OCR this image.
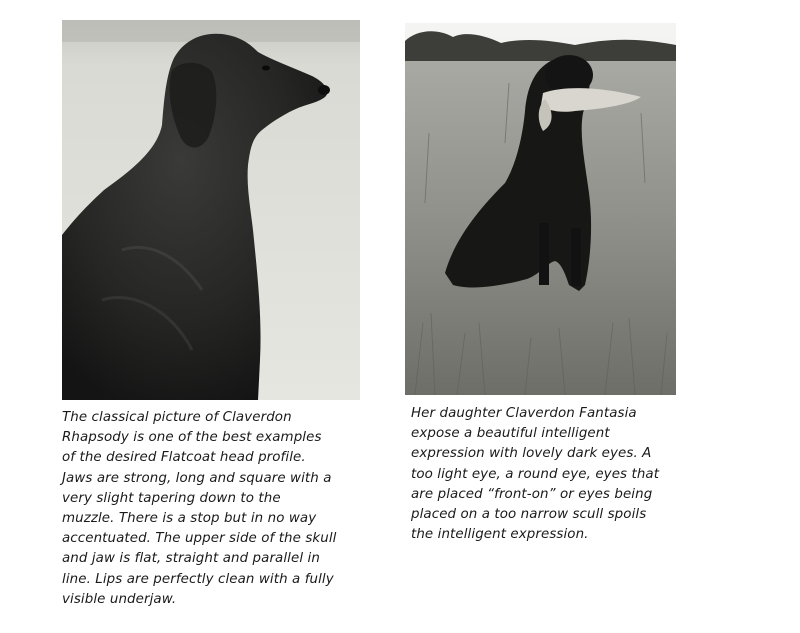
The classical picture of Claverdon
Rhapsody is one of the best examples
of the desired Flatcoat head profile.
Jaws are strong, long and square with a
very slight tapering down to the
muzzle. There is a stop but in no way
accentuated. The upper side of the skull
and jaw is flat, straight and parallel in
line. Lips are perfectly clean with a fully
visible underjaw.
Her daughter Claverdon Fantasia
expose a beautiful intelligent
expression with lovely dark eyes. A
too light eye, a round eye, eyes that
are placed “front-on” or eyes being
placed on a too narrow scull spoils
the intelligent expression.
